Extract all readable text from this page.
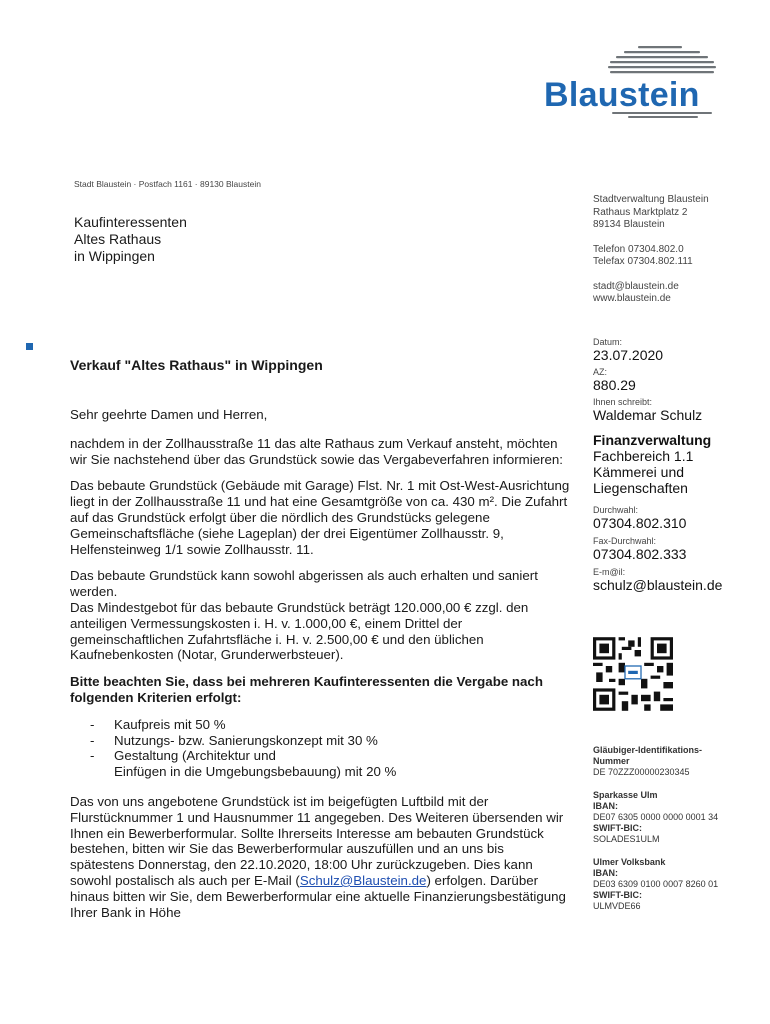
Blaustein
Stadt Blaustein · Postfach 1161 · 89130 Blaustein
Kaufinteressenten
Altes Rathaus
in Wippingen
Stadtverwaltung Blaustein
Rathaus Marktplatz 2
89134 Blaustein
Telefon 07304.802.0
Telefax 07304.802.111
stadt@blaustein.de
www.blaustein.de
Datum:
23.07.2020
AZ:
880.29
Ihnen schreibt:
Waldemar Schulz
Finanzverwaltung
Fachbereich 1.1
Kämmerei und
Liegenschaften
Durchwahl:
07304.802.310
Fax-Durchwahl:
07304.802.333
E-m@il:
schulz@blaustein.de
Gläubiger-Identifikations-
Nummer
DE 70ZZZ00000230345
Sparkasse Ulm
IBAN:
DE07 6305 0000 0000 0001 34
SWIFT-BIC:
SOLADES1ULM
Ulmer Volksbank
IBAN:
DE03 6309 0100 0007 8260 01
SWIFT-BIC:
ULMVDE66
Verkauf "Altes Rathaus" in Wippingen

Sehr geehrte Damen und Herren,

nachdem in der Zollhausstraße 11 das alte Rathaus zum Verkauf ansteht, möchten wir Sie nachstehend über das Grundstück sowie das Vergabeverfahren informieren:

Das bebaute Grundstück (Gebäude mit Garage) Flst. Nr. 1 mit Ost-West-Ausrichtung liegt in der Zollhausstraße 11 und hat eine Gesamtgröße von ca. 430 m². Die Zufahrt auf das Grundstück erfolgt über die nördlich des Grundstücks gelegene Gemeinschaftsfläche (siehe Lageplan) der drei Eigentümer Zollhausstr. 9, Helfensteinweg 1/1 sowie Zollhausstr. 11.

Das bebaute Grundstück kann sowohl abgerissen als auch erhalten und saniert werden.

Das Mindestgebot für das bebaute Grundstück beträgt 120.000,00 € zzgl. den anteiligen Vermessungskosten i. H. v. 1.000,00 €, einem Drittel der gemeinschaftlichen Zufahrtsfläche i. H. v. 2.500,00 € und den üblichen Kaufnebenkosten (Notar, Grunderwerbsteuer).

Bitte beachten Sie, dass bei mehreren Kaufinteressenten die Vergabe nach folgenden Kriterien erfolgt:

-	Kaufpreis mit 50 %
-	Nutzungs- bzw. Sanierungskonzept mit 30 %
-	Gestaltung (Architektur und
Einfügen in die Umgebungsbebauung) mit 20 %

Das von uns angebotene Grundstück ist im beigefügten Luftbild mit der Flurstücknummer 1 und Hausnummer 11 angegeben. Des Weiteren übersenden wir Ihnen ein Bewerberformular. Sollte Ihrerseits Interesse am bebauten Grundstück bestehen, bitten wir Sie das Bewerberformular auszufüllen und an uns bis spätestens Donnerstag, den 22.10.2020, 18:00 Uhr zurückzugeben. Dies kann sowohl postalisch als auch per E-Mail (Schulz@Blaustein.de) erfolgen. Darüber hinaus bitten wir Sie, dem Bewerberformular eine aktuelle Finanzierungsbestätigung Ihrer Bank in Höhe
